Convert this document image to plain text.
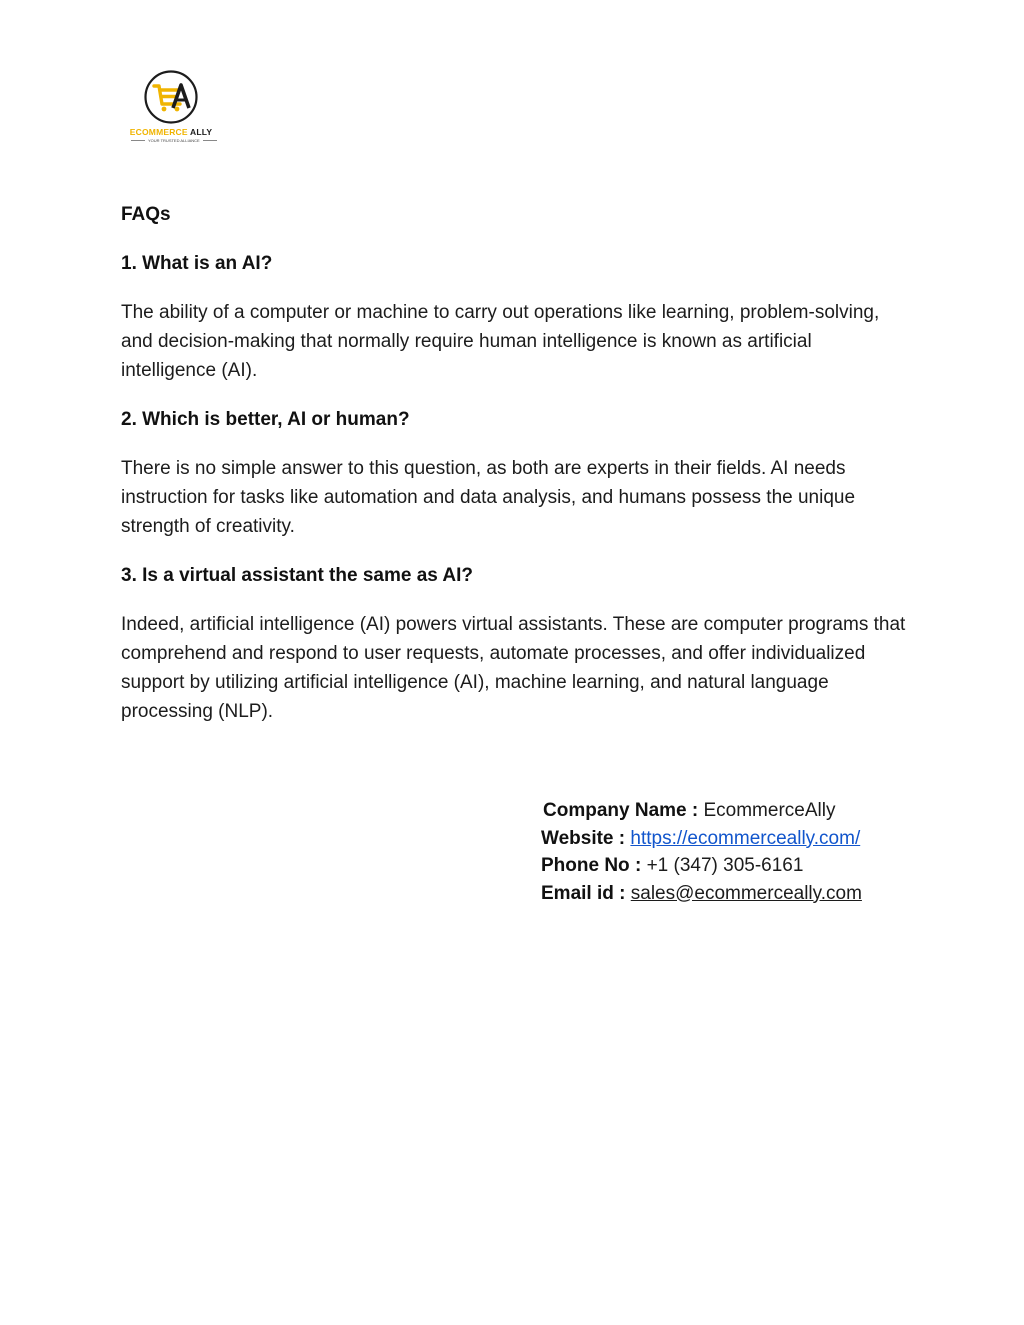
ECOMMERCE ALLY
YOUR TRUSTED ALLIANCE
FAQs
1. What is an AI?
The ability of a computer or machine to carry out operations like learning, problem-solving, and decision-making that normally require human intelligence is known as artificial intelligence (AI).
2. Which is better, AI or human?
There is no simple answer to this question, as both are experts in their fields. AI needs instruction for tasks like automation and data analysis, and humans possess the unique strength of creativity.
3. Is a virtual assistant the same as AI?
Indeed, artificial intelligence (AI) powers virtual assistants. These are computer programs that comprehend and respond to user requests, automate processes, and offer individualized support by utilizing artificial intelligence (AI), machine learning, and natural language processing (NLP).
Company Name : EcommerceAlly
Website : https://ecommerceally.com/
Phone No : +1 (347) 305-6161
Email id : sales@ecommerceally.com
